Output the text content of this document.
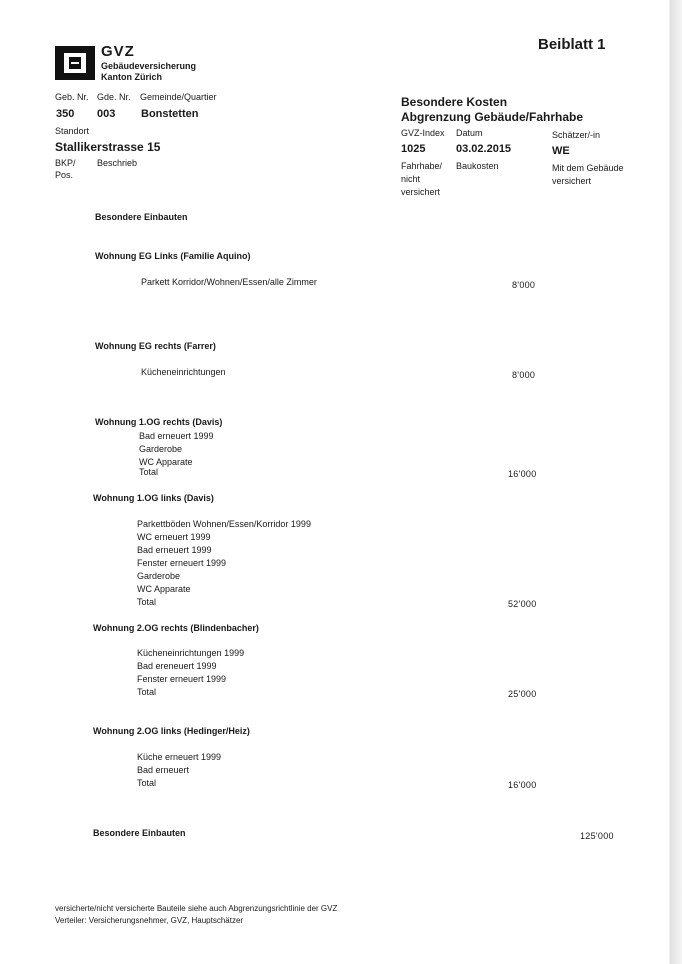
Beiblatt 1
GVZ
Gebäudeversicherung
Kanton Zürich
Geb. Nr. Gde. Nr. Gemeinde/Quartier
350 003 Bonstetten
Standort
Stallikerstrasse 15
BKP/
Pos.
Beschrieb
Besondere Kosten
Abgrenzung Gebäude/Fahrhabe
GVZ-Index Datum	Schätzer/-in
1025	03.02.2015	WE
Fahrhabe/
nicht
versichert
Baukosten	Mit dem Gebäude
versichert
Besondere Einbauten
Wohnung EG Links (Familie Aquino)
Parkett Korridor/Wohnen/Essen/alle Zimmer	8'000
Wohnung EG rechts (Farrer)
Kücheneinrichtungen	8'000
Wohnung 1.OG rechts (Davis)
Bad erneuert 1999
Garderobe
WC Apparate
Total	16'000
Wohnung 1.OG links (Davis)
Parkettböden Wohnen/Essen/Korridor 1999
WC erneuert 1999
Bad erneuert 1999
Fenster erneuert 1999
Garderobe
WC Apparate
Total	52'000
Wohnung 2.OG rechts (Blindenbacher)
Kücheneinrichtungen 1999
Bad ereneuert 1999
Fenster erneuert 1999
Total	25'000
Wohnung 2.OG links (Hedinger/Heiz)
Küche erneuert 1999
Bad erneuert
Total	16'000
Besondere Einbauten	125'000
versicherte/nicht versicherte Bauteile siehe auch Abgrenzungsrichtlinie der GVZ
Verteiler: Versicherungsnehmer, GVZ, Hauptschätzer
